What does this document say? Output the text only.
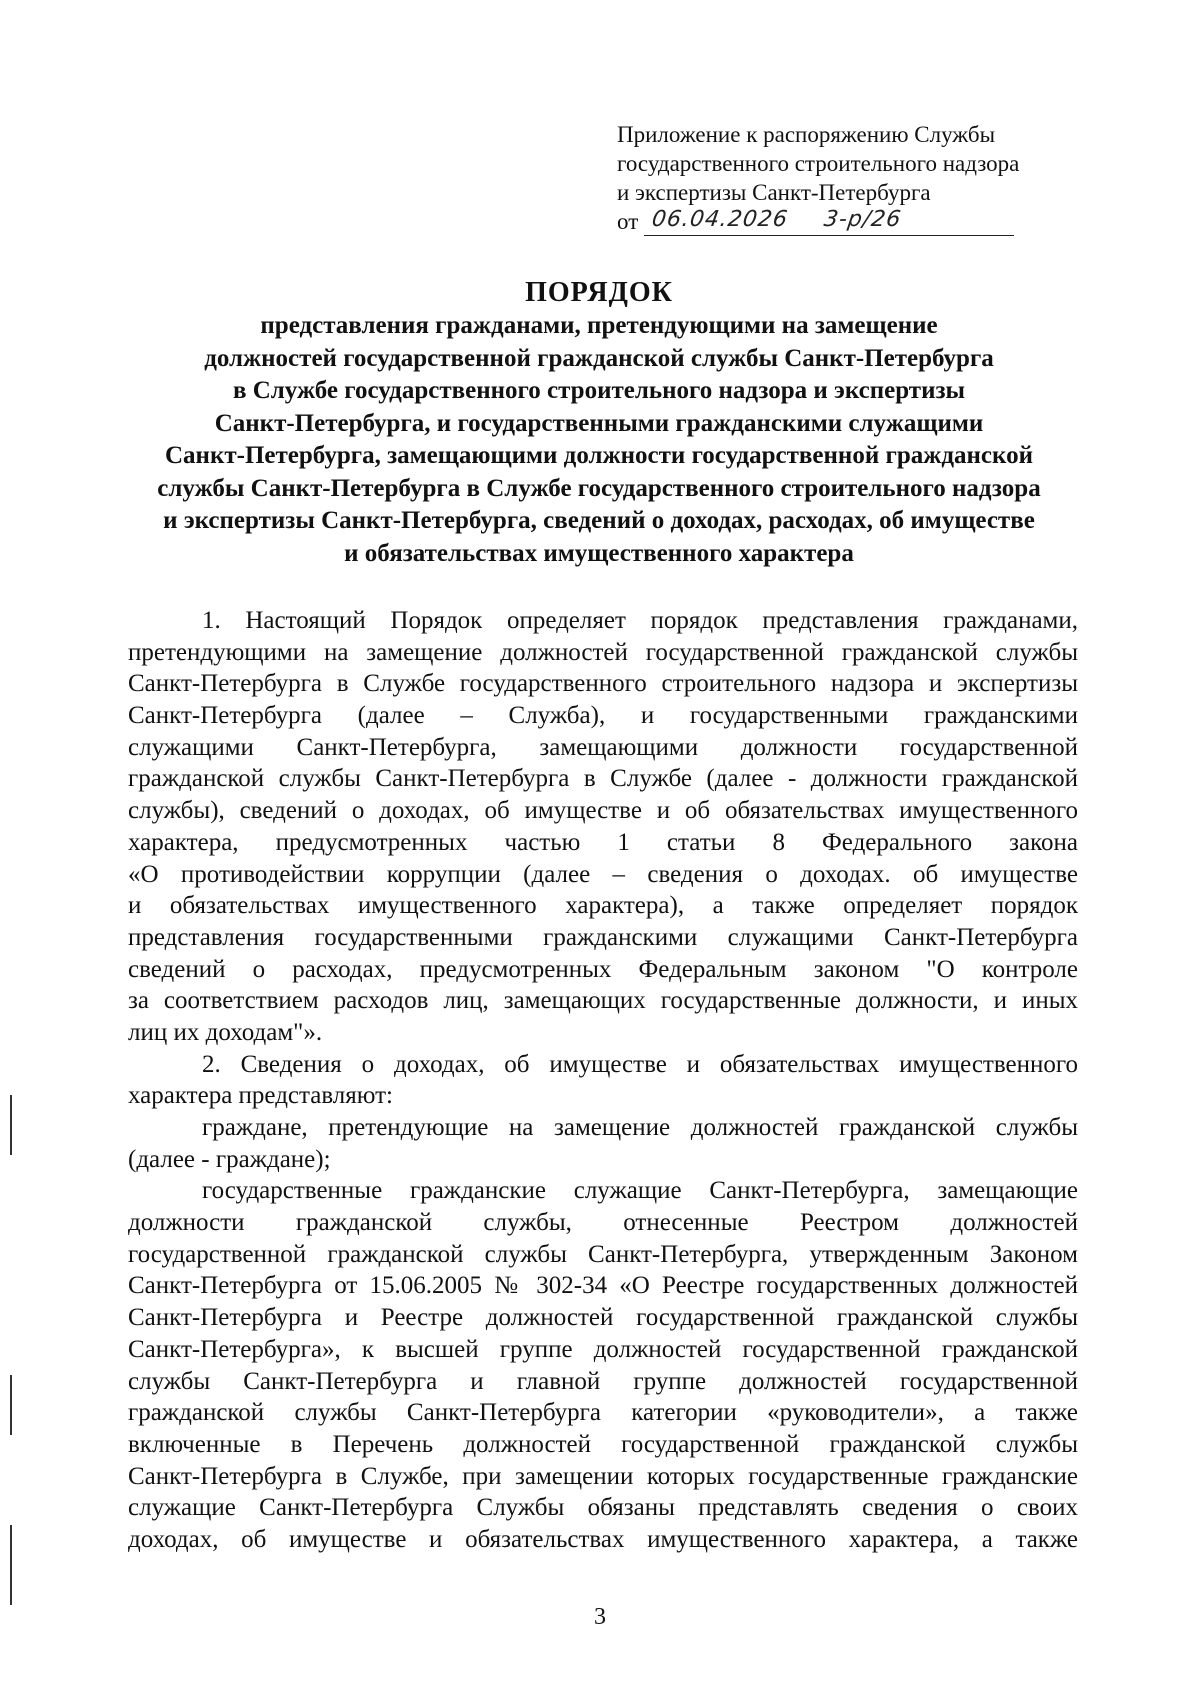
Приложение к распоряжению Службы
государственного строительного надзора
и экспертизы Санкт-Петербурга
от 06.04.2026 3-р/26
ПОРЯДОК
представления гражданами, претендующими на замещение
должностей государственной гражданской службы Санкт-Петербурга
в Службе государственного строительного надзора и экспертизы
Санкт-Петербурга, и государственными гражданскими служащими
Санкт-Петербурга, замещающими должности государственной гражданской
службы Санкт-Петербурга в Службе государственного строительного надзора
и экспертизы Санкт-Петербурга, сведений о доходах, расходах, об имуществе
и обязательствах имущественного характера
1. Настоящий Порядок определяет порядок представления гражданами,
претендующими на замещение должностей государственной гражданской службы
Санкт-Петербурга в Службе государственного строительного надзора и экспертизы
Санкт-Петербурга (далее – Служба), и государственными гражданскими
служащими Санкт-Петербурга, замещающими должности государственной
гражданской службы Санкт-Петербурга в Службе (далее - должности гражданской
службы), сведений о доходах, об имуществе и об обязательствах имущественного
характера, предусмотренных частью 1 статьи 8 Федерального закона
«О противодействии коррупции (далее – сведения о доходах. об имуществе
и обязательствах имущественного характера), а также определяет порядок
представления государственными гражданскими служащими Санкт-Петербурга
сведений о расходах, предусмотренных Федеральным законом "О контроле
за соответствием расходов лиц, замещающих государственные должности, и иных
лиц их доходам"».
2. Сведения о доходах, об имуществе и обязательствах имущественного
характера представляют:
граждане, претендующие на замещение должностей гражданской службы
(далее - граждане);
государственные гражданские служащие Санкт-Петербурга, замещающие
должности гражданской службы, отнесенные Реестром должностей
государственной гражданской службы Санкт-Петербурга, утвержденным Законом
Санкт-Петербурга от 15.06.2005 № 302-34 «О Реестре государственных должностей
Санкт-Петербурга и Реестре должностей государственной гражданской службы
Санкт-Петербурга», к высшей группе должностей государственной гражданской
службы Санкт-Петербурга и главной группе должностей государственной
гражданской службы Санкт-Петербурга категории «руководители», а также
включенные в Перечень должностей государственной гражданской службы
Санкт-Петербурга в Службе, при замещении которых государственные гражданские
служащие Санкт-Петербурга Службы обязаны представлять сведения о своих
доходах, об имуществе и обязательствах имущественного характера, а также
3
